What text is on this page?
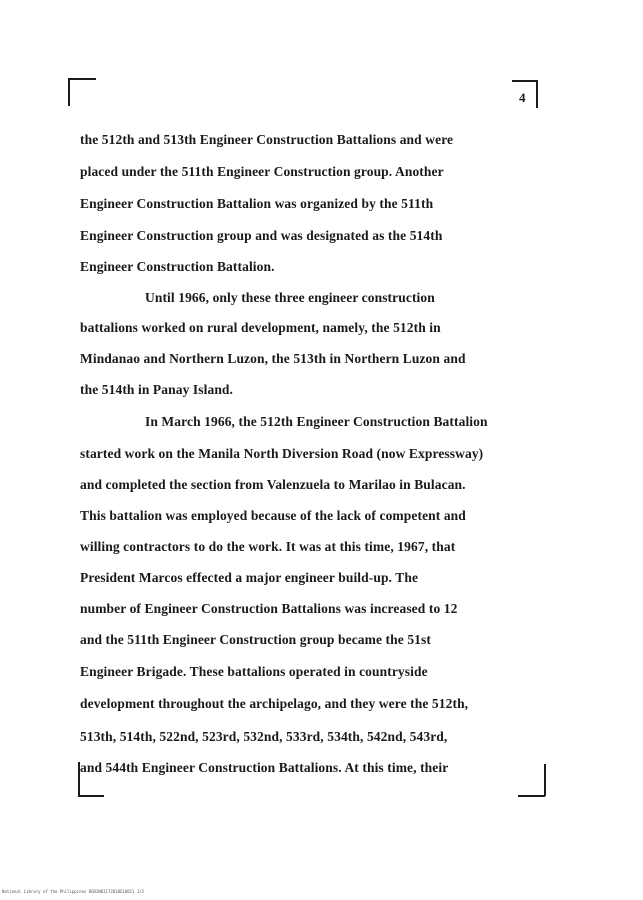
4
the 512th and 513th Engineer Construction Battalions and were
placed under the 511th Engineer Construction group. Another
Engineer Construction Battalion was organized by the 511th
Engineer Construction group and was designated as the 514th
Engineer Construction Battalion.
Until 1966, only these three engineer construction
battalions worked on rural development, namely, the 512th in
Mindanao and Northern Luzon, the 513th in Northern Luzon and
the 514th in Panay Island.
In March 1966, the 512th Engineer Construction Battalion
started work on the Manila North Diversion Road (now Expressway)
and completed the section from Valenzuela to Marilao in Bulacan.
This battalion was employed because of the lack of competent and
willing contractors to do the work. It was at this time, 1967, that
President Marcos effected a major engineer build-up. The
number of Engineer Construction Battalions was increased to 12
and the 511th Engineer Construction group became the 51st
Engineer Brigade. These battalions operated in countryside
development throughout the archipelago, and they were the 512th,
513th, 514th, 522nd, 523rd, 532nd, 533rd, 534th, 542nd, 543rd,
and 544th Engineer Construction Battalions. At this time, their
National Library of the Philippines RGDIN01172010G10011 1/2
